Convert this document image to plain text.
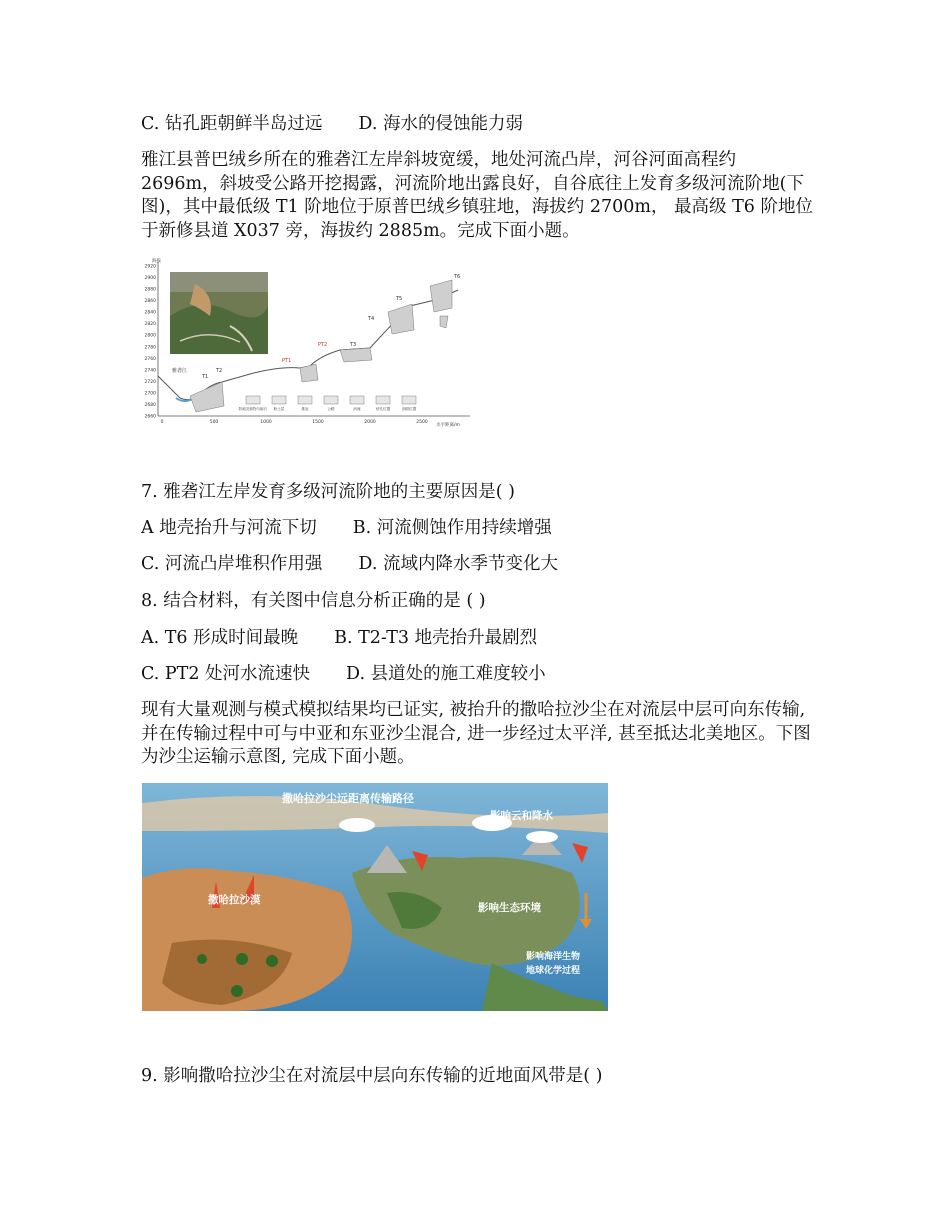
C. 钻孔距朝鲜半岛过远 D. 海水的侵蚀能力弱
雅江县普巴绒乡所在的雅砻江左岸斜坡宽缓，地处河流凸岸，河谷河面高程约 2696m，斜坡受公路开挖揭露，河流阶地出露良好，自谷底往上发育多级河流阶地(下图)，其中最低级 T1 阶地位于原普巴绒乡镇驻地，海拔约 2700m， 最高级 T6 阶地位于新修县道 X037 旁，海拔约 2885m。完成下面小题。
海拔
2920
2900
2880
2860
2840
2820
2800
2780
2760
2740
2720
2700
2680
2660
0	500	1000	1500	2000	2500
T1
T2
T3
PT1
PT2
T4
T5
T6
雅砻江
阶地沉积物与砾石 粉土层	基岩	公路	河流	钻孔位置	剖面位置
水平距离/m
7. 雅砻江左岸发育多级河流阶地的主要原因是( )
A 地壳抬升与河流下切 B. 河流侧蚀作用持续增强
C. 河流凸岸堆积作用强 D. 流域内降水季节变化大
8. 结合材料，有关图中信息分析正确的是 ( )
A. T6 形成时间最晚 B. T2-T3 地壳抬升最剧烈
C. PT2 处河水流速快 D. 县道处的施工难度较小
现有大量观测与模式模拟结果均已证实, 被抬升的撒哈拉沙尘在对流层中层可向东传输, 并在传输过程中可与中亚和东亚沙尘混合, 进一步经过太平洋, 甚至抵达北美地区。下图为沙尘运输示意图, 完成下面小题。
撒哈拉沙尘远距离传输路径
影响云和降水
撒哈拉沙漠
影响生态环境
影响海洋生物
地球化学过程
9. 影响撒哈拉沙尘在对流层中层向东传输的近地面风带是( )
